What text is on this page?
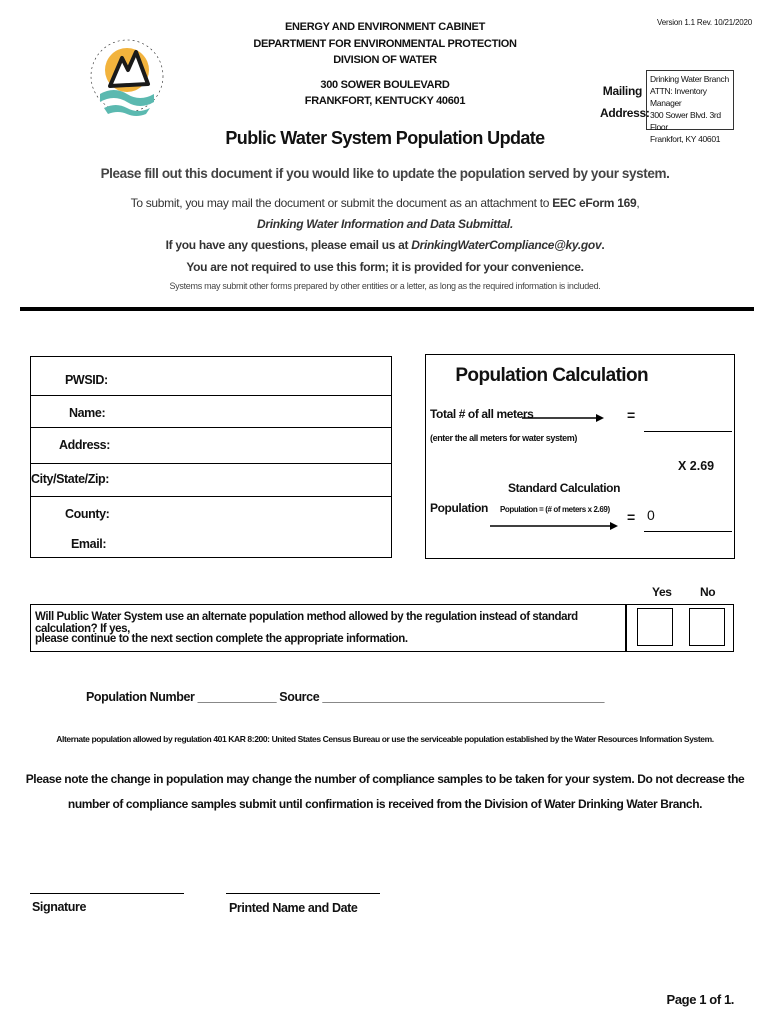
Version 1.1 Rev. 10/21/2020
ENERGY AND ENVIRONMENT CABINET
DEPARTMENT FOR ENVIRONMENTAL PROTECTION
DIVISION OF WATER
300 SOWER BOULEVARD
FRANKFORT, KENTUCKY 40601
Mailing
Address:
Drinking Water Branch
ATTN: Inventory Manager
300 Sower Blvd. 3rd Floor
Frankfort, KY 40601
Public Water System Population Update
Please fill out this document if you would like to update the population served by your system.
To submit, you may mail the document or submit the document as an attachment to EEC eForm 169,
Drinking Water Information and Data Submittal.
If you have any questions, please email us at DrinkingWaterCompliance@ky.gov.
You are not required to use this form; it is provided for your convenience.
Systems may submit other forms prepared by other entities or a letter, as long as the required information is included.
PWSID:
Name:
Address:
City/State/Zip:
County:
Email:
Population Calculation
Total # of all meters	=
(enter the all meters for water system)
X 2.69
Standard Calculation
Population Population = (# of meters x 2.69) = 0
Yes No
Will Public Water System use an alternate population method allowed by the regulation instead of standard calculation? If yes,
please continue to the next section complete the appropriate information.
Population Number ____________ Source ___________________________________________
Alternate population allowed by regulation 401 KAR 8:200: United States Census Bureau or use the serviceable population established by the Water Resources Information System.
Please note the change in population may change the number of compliance samples to be taken for your system. Do not decrease the
number of compliance samples submit until confirmation is received from the Division of Water Drinking Water Branch.
Signature	Printed Name and Date
Page 1 of 1.
